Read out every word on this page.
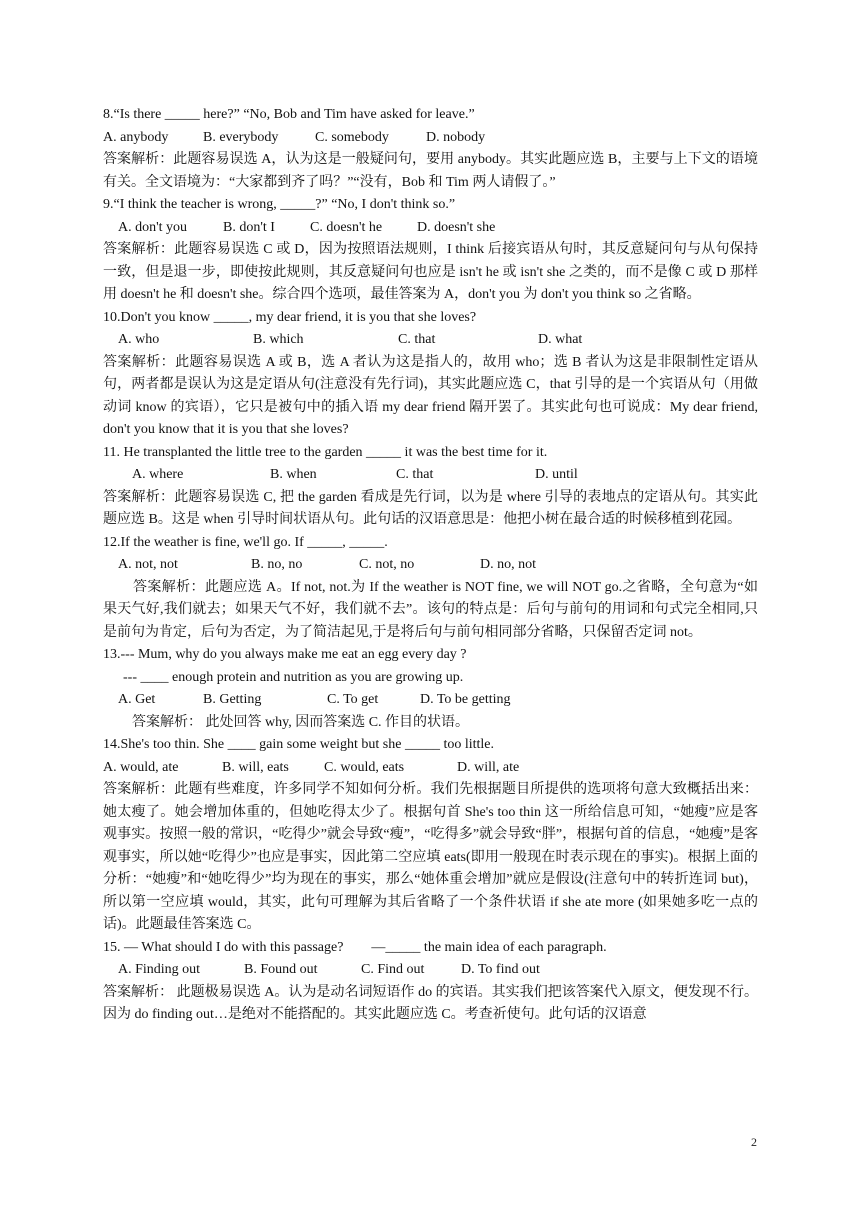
8.“Is there _____ here?” “No, Bob and Tim have asked for leave.”
A. anybody	B. everybody	C. somebody	D. nobody
答案解析：此题容易误选 A，认为这是一般疑问句，要用 anybody。其实此题应选 B，主要与上下文的语境有关。全文语境为：“大家都到齐了吗？”“没有，Bob 和 Tim 两人请假了。”
9.“I think the teacher is wrong, _____?” “No, I don't think so.”
A. don't you	B. don't I	C. doesn't he	D. doesn't she
答案解析：此题容易误选 C 或 D，因为按照语法规则，I think 后接宾语从句时，其反意疑问句与从句保持一致，但是退一步，即使按此规则，其反意疑问句也应是 isn't he 或 isn't she 之类的，而不是像 C 或 D 那样用 doesn't he 和 doesn't she。综合四个选项，最佳答案为 A，don't you 为 don't you think so 之省略。
10.Don't you know _____, my dear friend, it is you that she loves?
A. who	B. which	C. that	D. what
答案解析：此题容易误选 A 或 B，选 A 者认为这是指人的，故用 who；选 B 者认为这是非限制性定语从句，两者都是误认为这是定语从句(注意没有先行词)，其实此题应选 C，that 引导的是一个宾语从句（用做动词 know 的宾语），它只是被句中的插入语 my dear friend 隔开罢了。其实此句也可说成：My dear friend, don't you know that it is you that she loves?
11. He transplanted the little tree to the garden _____ it was the best time for it.
A. where	B. when	C. that	D. until
答案解析：此题容易误选 C, 把 the garden 看成是先行词，以为是 where 引导的表地点的定语从句。其实此题应选 B。这是 when 引导时间状语从句。此句话的汉语意思是：他把小树在最合适的时候移植到花园。
12.If the weather is fine, we'll go. If _____, _____.
A. not, not	B. no, no	C. not, no	D. no, not
答案解析：此题应选 A。If not, not.为 If the weather is NOT fine, we will NOT go.之省略，全句意为“如果天气好,我们就去；如果天气不好，我们就不去”。该句的特点是：后句与前句的用词和句式完全相同,只是前句为肯定，后句为否定，为了简洁起见,于是将后句与前句相同部分省略，只保留否定词 not。
13.--- Mum, why do you always make me eat an egg every day ?
--- ____ enough protein and nutrition as you are growing up.
A. Get	B. Getting	C. To get	D. To be getting
答案解析： 此处回答 why, 因而答案选 C. 作目的状语。
14.She's too thin. She ____ gain some weight but she _____ too little.
A. would, ate	B. will, eats	C. would, eats	D. will, ate
答案解析：此题有些难度，许多同学不知如何分析。我们先根据题目所提供的选项将句意大致概括出来：她太瘦了。她会增加体重的，但她吃得太少了。根据句首 She's too thin 这一所给信息可知，“她瘦”应是客观事实。按照一般的常识，“吃得少”就会导致“瘦”，“吃得多”就会导致“胖”，根据句首的信息，“她瘦”是客观事实，所以她“吃得少”也应是事实，因此第二空应填 eats(即用一般现在时表示现在的事实)。根据上面的分析：“她瘦”和“她吃得少”均为现在的事实，那么“她体重会增加”就应是假设(注意句中的转折连词 but)，所以第一空应填 would，其实，此句可理解为其后省略了一个条件状语 if she ate more (如果她多吃一点的话)。此题最佳答案选 C。
15. — What should I do with this passage?        —_____ the main idea of each paragraph.
A. Finding out	B. Found out	C. Find out	D. To find out
答案解析： 此题极易误选 A。认为是动名词短语作 do 的宾语。其实我们把该答案代入原文，便发现不行。因为 do finding out…是绝对不能搭配的。其实此题应选 C。考查祈使句。此句话的汉语意
2
